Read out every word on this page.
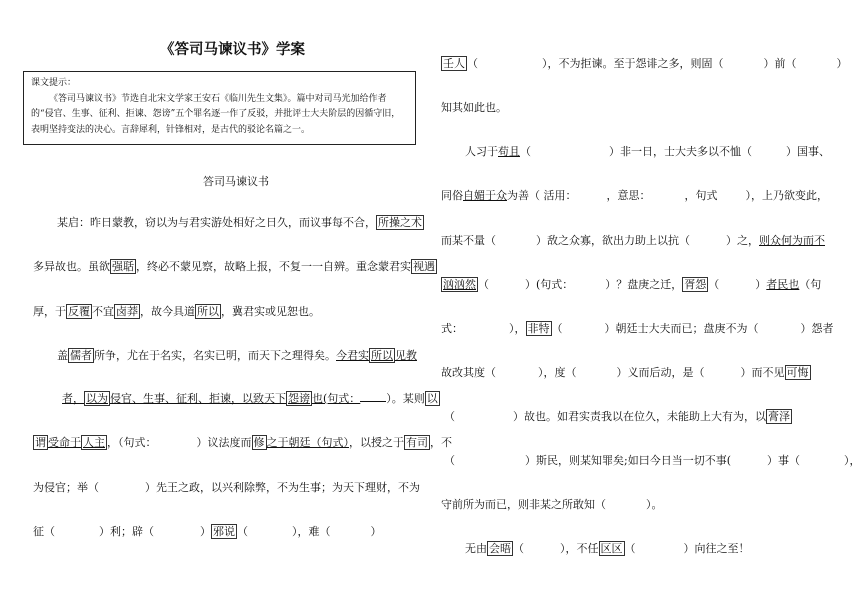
《答司马谏议书》学案
课文提示：
《答司马谏议书》节选自北宋文学家王安石《临川先生文集》。篇中对司马光加给作者的“侵官、生事、征利、拒谏、怨谤”五个罪名逐一作了反驳，并批评士大夫阶层的因循守旧，表明坚持变法的决心。言辞犀利，针锋相对，是古代的驳论名篇之一。
答司马谏议书
某启：昨日蒙教，窃以为与君实游处相好之日久，而议事每不合， 所操之术
多异故也。虽欲 强聒 ，终必不蒙见察，故略上报，不复一一自辨。重念蒙君实 视遇
厚，于 反覆 不宜 卤莽 ，故今具道 所以 ，冀君实或见恕也。
盖 儒者 所争，尤在于名实，名实已明，而天下之理得矣。今君实 所以 见教
者， 以为 侵官、生事、征利、拒谏，以致天下 怨谤 也(句式： ）。某则 以
谓 受命于 人主 ，（句式：	）议法度而 修 之于朝廷（句式），以授之于 有司 ，不
为侵官；举（	）先王之政，以兴利除弊，不为生事；为天下理财，不为
征（	）利；辟（	） 邪说 （	），难（	）
壬人 （	），不为拒谏。至于怨诽之多，则固（	）前（	）
知其如此也。
人习于苟且（	）非一日，士大夫多以不恤（	）国事、
同俗自媚于众为善（ 活用：	，意思：	，句式	），上乃欲变此，
而某不量（	）敌之众寡，欲出力助上以抗（	）之，则众何为而不
汹汹然 （	）(句式：	）？盘庚之迁， 胥怨 （	）者民也（句
式：	）， 非特 （	）朝廷士大夫而已；盘庚不为（	）怨者
故改其度（	），度（	）义而后动，是（	）而不见 可悔
（	）故也。如君实责我以在位久，未能助上大有为，以 膏泽
（	）斯民，则某知罪矣;如曰今日当一切不事(	）事（	），
守前所为而已，则非某之所敢知（	）。
无由 会晤 （	），不任 区区 （	）向往之至！
